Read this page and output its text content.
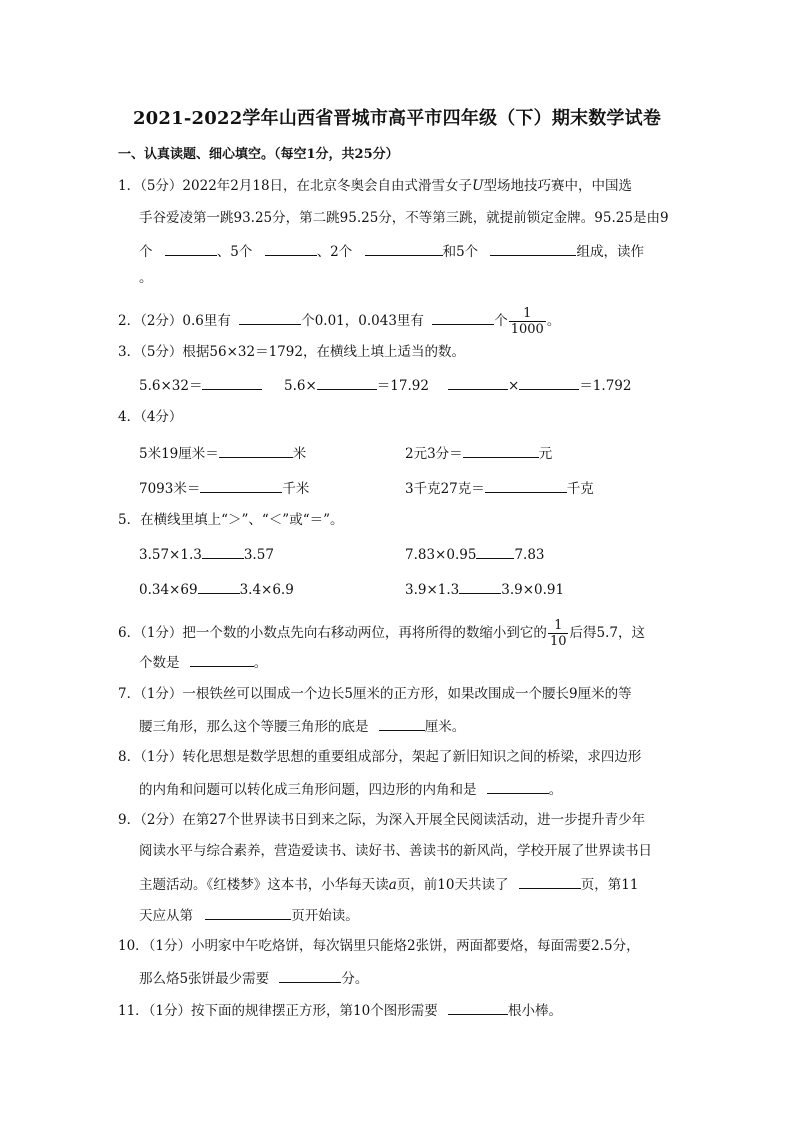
2021-2022学年山西省晋城市高平市四年级（下）期末数学试卷
一、认真读题、细心填空。（每空1分，共25分）
1．（5分）2022年2月18日，在北京冬奥会自由式滑雪女子U型场地技巧赛中，中国选
手谷爱凌第一跳93.25分，第二跳95.25分，不等第三跳，就提前锁定金牌。95.25是由9
个	、5个	、2个	和5个	组成，读作
。
2．（2分）0.6里有	个0.01，0.043里有	个 $\frac{1}{1000}$ 。
3．（5分）根据56×32＝1792，在横线上填上适当的数。
5.6×32＝	5.6×	＝17.92	×	＝1.792
4．（4分）
5米19厘米＝	米	2元3分＝	元
7093米＝	千米	3千克27克＝	千克
5．在横线里填上“＞”、“＜”或“＝”。
3.57×1.3	3.57	7.83×0.95	7.83
0.34×69	3.4×6.9	3.9×1.3	3.9×0.91
6．（1分）把一个数的小数点先向右移动两位，再将所得的数缩小到它的 $\frac{1}{10}$ 后得5.7，这
个数是	。
7．（1分）一根铁丝可以围成一个边长5厘米的正方形，如果改围成一个腰长9厘米的等
腰三角形，那么这个等腰三角形的底是	厘米。
8．（1分）转化思想是数学思想的重要组成部分，架起了新旧知识之间的桥梁，求四边形
的内角和问题可以转化成三角形问题，四边形的内角和是	。
9．（2分）在第27个世界读书日到来之际，为深入开展全民阅读活动，进一步提升青少年
阅读水平与综合素养，营造爱读书、读好书、善读书的新风尚，学校开展了世界读书日
主题活动。《红楼梦》这本书，小华每天读a页，前10天共读了	页，第11
天应从第	页开始读。
10．（1分）小明家中午吃烙饼，每次锅里只能烙2张饼，两面都要烙，每面需要2.5分，
那么烙5张饼最少需要	分。
11．（1分）按下面的规律摆正方形，第10个图形需要	根小棒。
